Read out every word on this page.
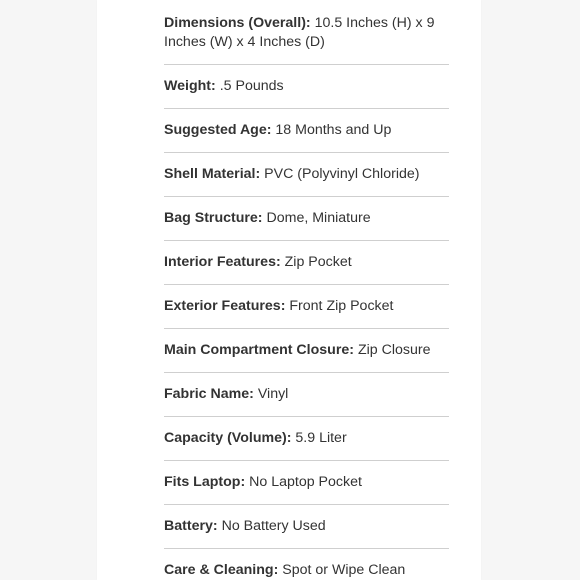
Dimensions (Overall): 10.5 Inches (H) x 9 Inches (W) x 4 Inches (D)
Weight: .5 Pounds
Suggested Age: 18 Months and Up
Shell Material: PVC (Polyvinyl Chloride)
Bag Structure: Dome, Miniature
Interior Features: Zip Pocket
Exterior Features: Front Zip Pocket
Main Compartment Closure: Zip Closure
Fabric Name: Vinyl
Capacity (Volume): 5.9 Liter
Fits Laptop: No Laptop Pocket
Battery: No Battery Used
Care & Cleaning: Spot or Wipe Clean
